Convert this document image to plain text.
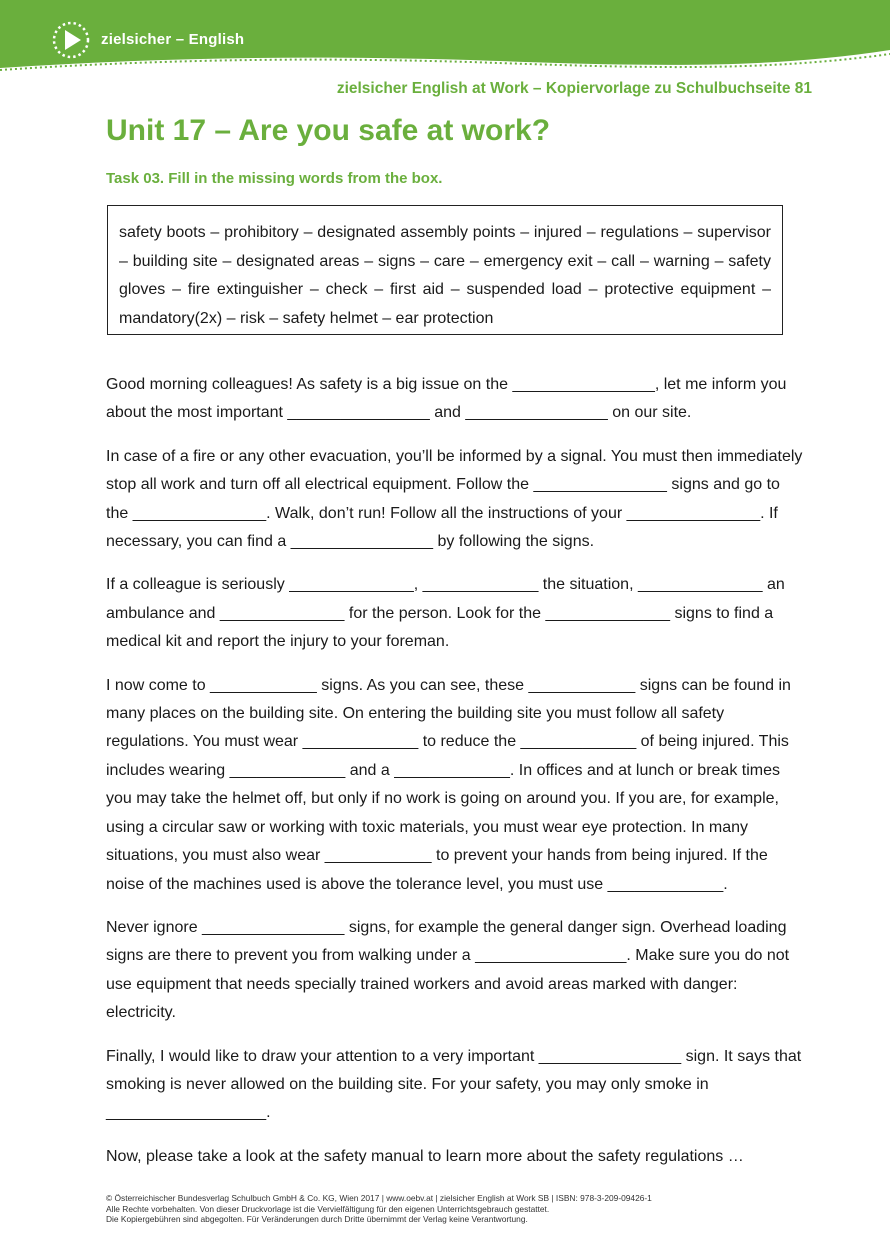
zielsicher – English
zielsicher English at Work – Kopiervorlage zu Schulbuchseite 81
Unit 17 – Are you safe at work?
Task 03. Fill in the missing words from the box.
safety boots – prohibitory – designated assembly points – injured – regulations – supervisor – building site – designated areas – signs – care – emergency exit – call – warning – safety gloves – fire extinguisher – check – first aid – suspended load – protective equipment – mandatory(2x) – risk – safety helmet – ear protection

Good morning colleagues! As safety is a big issue on the ________________, let me inform you about the most important ________________ and ________________ on our site.

In case of a fire or any other evacuation, you’ll be informed by a signal. You must then immediately stop all work and turn off all electrical equipment. Follow the _______________ signs and go to the _______________. Walk, don’t run! Follow all the instructions of your _______________. If necessary, you can find a ________________ by following the signs.

If a colleague is seriously ______________, _____________ the situation, ______________ an ambulance and ______________ for the person. Look for the ______________ signs to find a medical kit and report the injury to your foreman.

I now come to ____________ signs. As you can see, these ____________ signs can be found in many places on the building site. On entering the building site you must follow all safety regulations. You must wear _____________ to reduce the _____________ of being injured. This includes wearing _____________ and a _____________. In offices and at lunch or break times you may take the helmet off, but only if no work is going on around you. If you are, for example, using a circular saw or working with toxic materials, you must wear eye protection. In many situations, you must also wear ____________ to prevent your hands from being injured. If the noise of the machines used is above the tolerance level, you must use _____________.

Never ignore ________________ signs, for example the general danger sign. Overhead loading signs are there to prevent you from walking under a _________________. Make sure you do not use equipment that needs specially trained workers and avoid areas marked with danger: electricity.

Finally, I would like to draw your attention to a very important ________________ sign. It says that smoking is never allowed on the building site. For your safety, you may only smoke in __________________.

Now, please take a look at the safety manual to learn more about the safety regulations …

© Österreichischer Bundesverlag Schulbuch GmbH & Co. KG, Wien 2017 | www.oebv.at | zielsicher English at Work SB | ISBN: 978-3-209-09426-1
Alle Rechte vorbehalten. Von dieser Druckvorlage ist die Vervielfältigung für den eigenen Unterrichtsgebrauch gestattet.
Die Kopiergebühren sind abgegolten. Für Veränderungen durch Dritte übernimmt der Verlag keine Verantwortung.
